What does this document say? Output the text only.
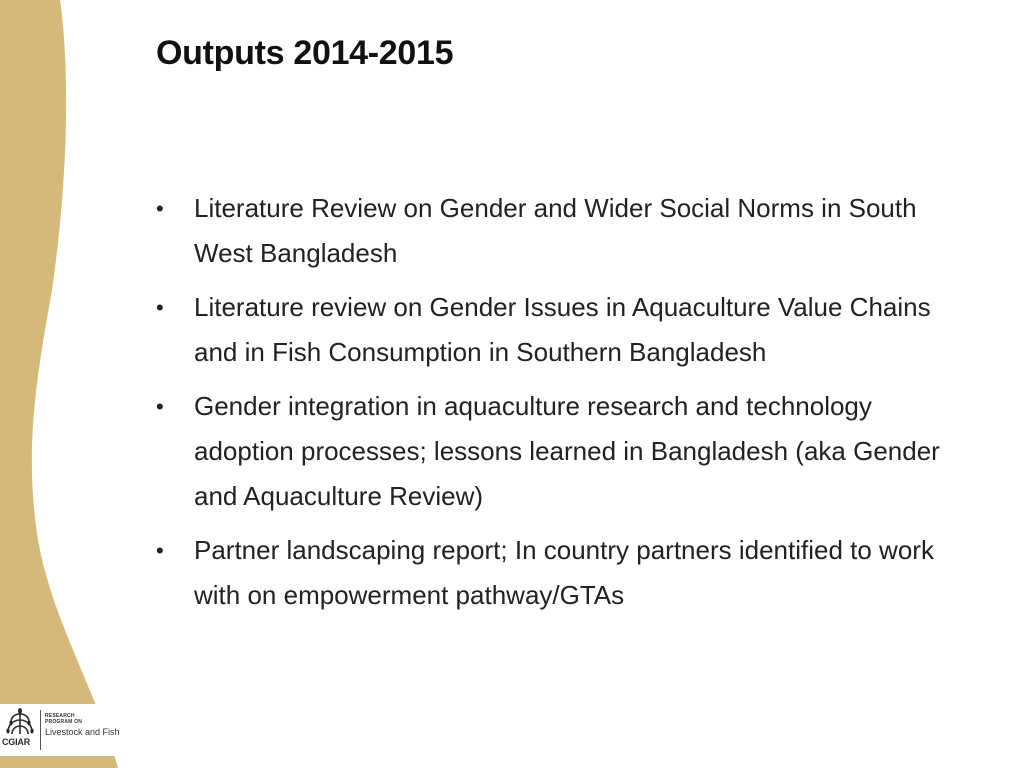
Outputs 2014-2015
• Literature Review on Gender and Wider Social Norms in South West Bangladesh
• Literature review on Gender Issues in Aquaculture Value Chains  and in Fish Consumption in Southern Bangladesh
• Gender integration in aquaculture research and technology adoption processes; lessons learned in Bangladesh (aka Gender and Aquaculture Review)
• Partner landscaping report; In country partners identified to work with on empowerment pathway/GTAs
CGIAR
RESEARCH
PROGRAM ON
Livestock and Fish
